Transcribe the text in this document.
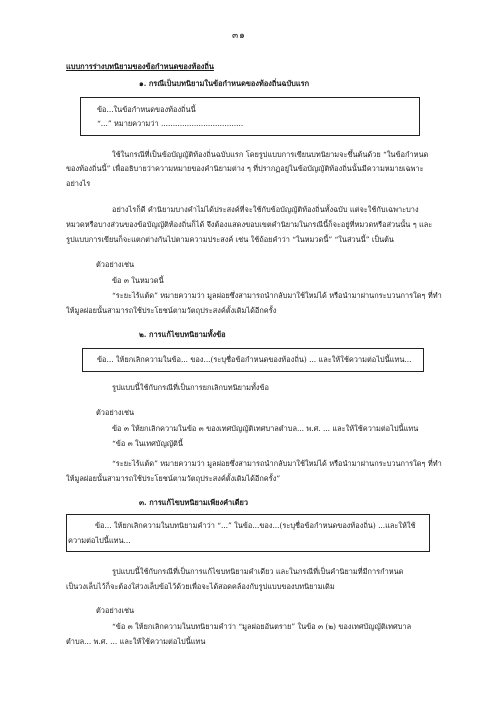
๓๑
แบบการร่างบทนิยามของข้อกำหนดของท้องถิ่น
๑. กรณีเป็นบทนิยามในข้อกำหนดของท้องถิ่นฉบับแรก
ข้อ...ในข้อกำหนดของท้องถิ่นนี้
“...” หมายความว่า ...................................
ใช้ในกรณีที่เป็นข้อบัญญัติท้องถิ่นฉบับแรก โดยรูปแบบการเขียนบทนิยามจะขึ้นต้นด้วย “ในข้อกำหนด
ของท้องถิ่นนี้” เพื่ออธิบายว่าความหมายของคำนิยามต่าง ๆ ที่ปรากฏอยู่ในข้อบัญญัติท้องถิ่นนั้นมีความหมายเฉพาะ
อย่างไร
อย่างไรก็ดี คำนิยามบางคำไม่ได้ประสงค์ที่จะใช้กับข้อบัญญัติท้องถิ่นทั้งฉบับ แต่จะใช้กับเฉพาะบาง
หมวดหรือบางส่วนของข้อบัญญัติท้องถิ่นก็ได้ จึงต้องแสดงขอบเขตคำนิยามในกรณีนี้ก็จะอยู่ที่หมวดหรือส่วนนั้น ๆ และ
รูปแบบการเขียนก็จะแตกต่างกันไปตามความประสงค์ เช่น ใช้ถ้อยคำว่า “ในหมวดนี้” “ในส่วนนี้” เป็นต้น
ตัวอย่างเช่น
ข้อ ๓ ในหมวดนี้
“ระยะไร้แต้ด” หมายความว่า มูลฝอยซึ่งสามารถนำกลับมาใช้ใหม่ได้ หรือนำมาผ่านกระบวนการใดๆ ที่ทำ
ให้มูลฝอยนั้นสามารถใช้ประโยชน์ตามวัตถุประสงค์ตั้งเดิมได้อีกครั้ง
๒. การแก้ไขบทนิยามทั้งข้อ
ข้อ... ให้ยกเลิกความในข้อ... ของ...(ระบุชื่อข้อกำหนดของท้องถิ่น) ... และให้ใช้ความต่อไปนี้แทน...
รูปแบบนี้ใช้กับกรณีที่เป็นการยกเลิกบทนิยามทั้งข้อ
ตัวอย่างเช่น
ข้อ ๓ ให้ยกเลิกความในข้อ ๓ ของเทศบัญญัติเทศบาลตำบล... พ.ศ. ... และให้ใช้ความต่อไปนี้แทน
“ข้อ ๓ ในเทศบัญญัตินี้
“ระยะไร้แต้ด” หมายความว่า มูลฝอยซึ่งสามารถนำกลับมาใช้ใหม่ได้ หรือนำมาผ่านกระบวนการใดๆ ที่ทำ
ให้มูลฝอยนั้นสามารถใช้ประโยชน์ตามวัตถุประสงค์ตั้งเดิมได้อีกครั้ง”
๓. การแก้ไขบทนิยามเพียงคำเดียว
ข้อ... ให้ยกเลิกความในบทนิยามคำว่า “...” ในข้อ...ของ...(ระบุชื่อข้อกำหนดของท้องถิ่น) ...และให้ใช้
ความต่อไปนี้แทน...
รูปแบบนี้ใช้กับกรณีที่เป็นการแก้ไขบทนิยามคำเดียว และในกรณีที่เป็นคำนิยามที่มีการกำหนด
เป็นวงเล็บไว้ก็จะต้องใส่วงเล็บข้อไว้ด้วยเพื่อจะได้สอดคล้องกับรูปแบบของบทนิยามเดิม
ตัวอย่างเช่น
“ข้อ ๓ ให้ยกเลิกความในบทนิยามคำว่า “มูลฝอยอันตราย” ในข้อ ๓ (๒) ของเทศบัญญัติเทศบาล
ตำบล... พ.ศ. ... และให้ใช้ความต่อไปนี้แทน
